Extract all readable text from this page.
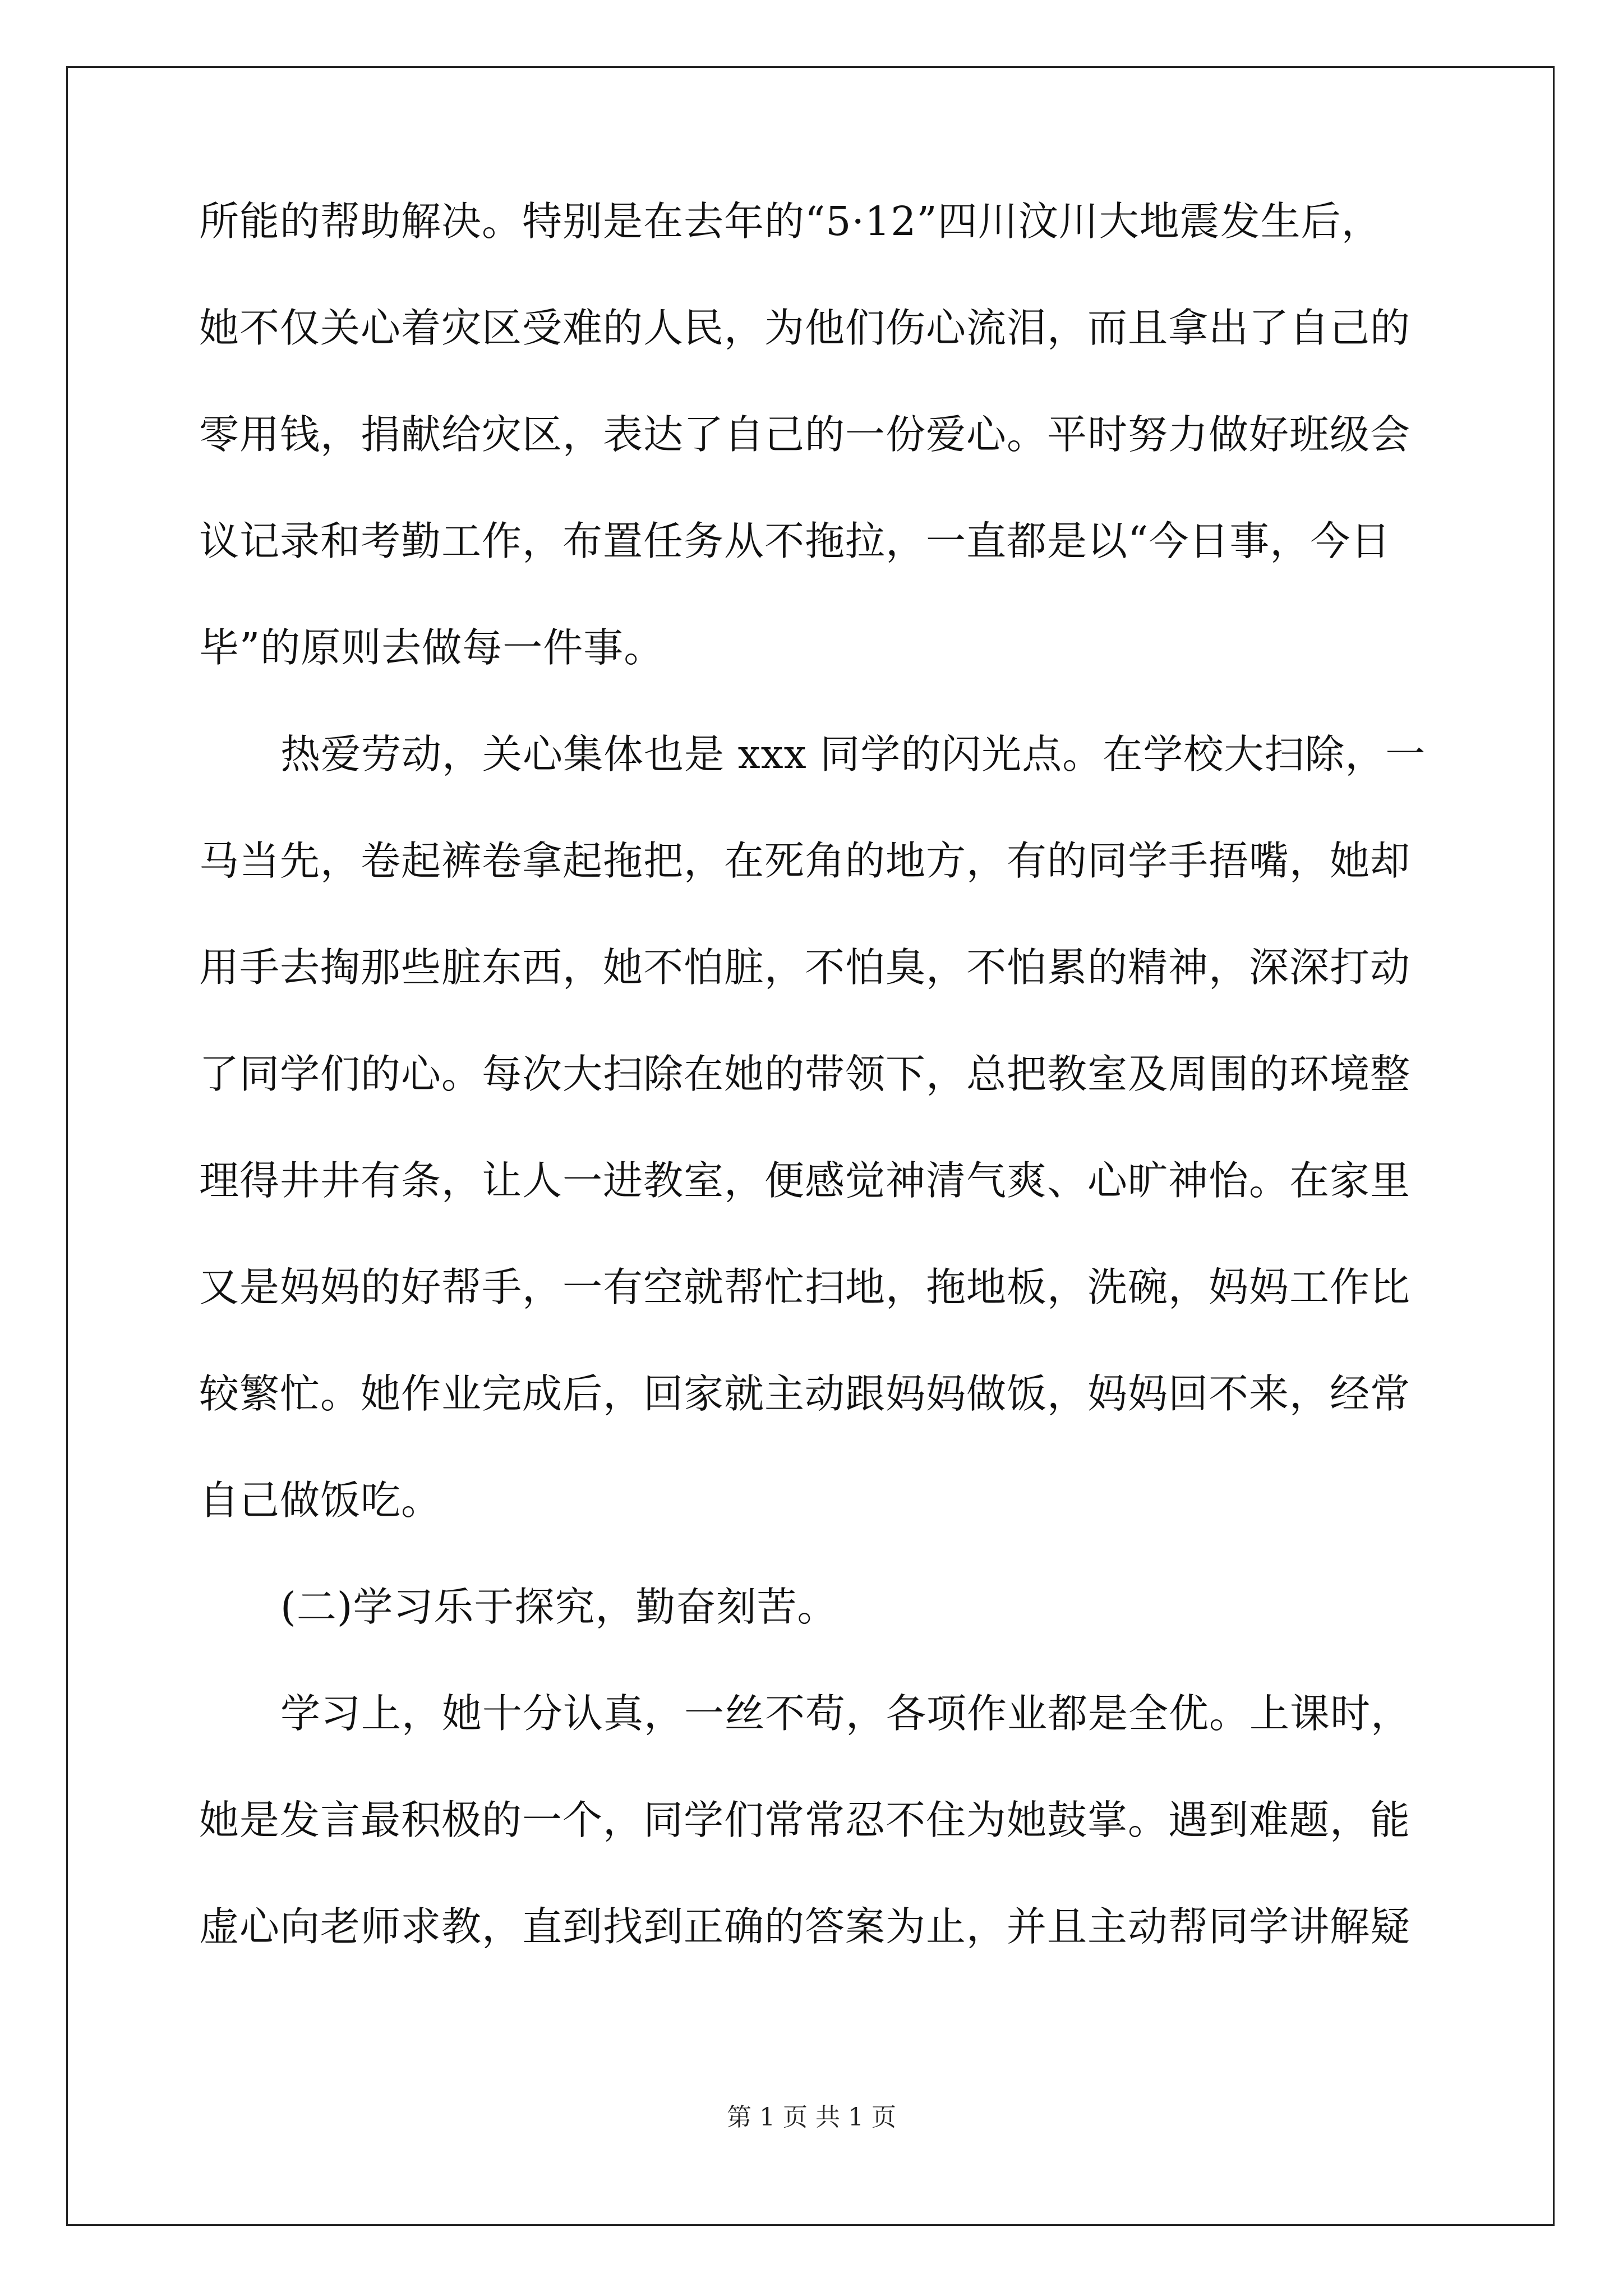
所能的帮助解决。特别是在去年的“5·12”四川汶川大地震发生后，
她不仅关心着灾区受难的人民，为他们伤心流泪，而且拿出了自己的
零用钱，捐献给灾区，表达了自己的一份爱心。平时努力做好班级会
议记录和考勤工作，布置任务从不拖拉，一直都是以“今日事，今日
毕”的原则去做每一件事。
热爱劳动，关心集体也是 xxx 同学的闪光点。在学校大扫除，一
马当先，卷起裤卷拿起拖把，在死角的地方，有的同学手捂嘴，她却
用手去掏那些脏东西，她不怕脏，不怕臭，不怕累的精神，深深打动
了同学们的心。每次大扫除在她的带领下，总把教室及周围的环境整
理得井井有条，让人一进教室，便感觉神清气爽、心旷神怡。在家里
又是妈妈的好帮手，一有空就帮忙扫地，拖地板，洗碗，妈妈工作比
较繁忙。她作业完成后，回家就主动跟妈妈做饭，妈妈回不来，经常
自己做饭吃。
(二)学习乐于探究，勤奋刻苦。
学习上，她十分认真，一丝不苟，各项作业都是全优。上课时，
她是发言最积极的一个，同学们常常忍不住为她鼓掌。遇到难题，能
虚心向老师求教，直到找到正确的答案为止，并且主动帮同学讲解疑
第 1 页 共 1 页
